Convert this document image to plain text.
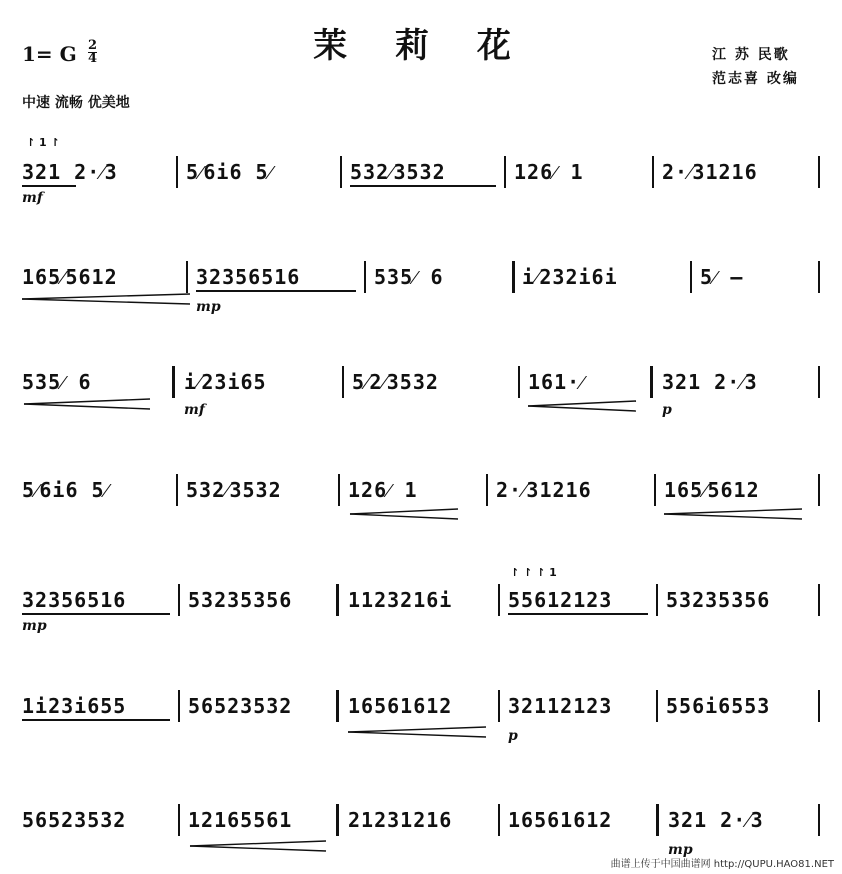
茉 莉 花
1= G 2
4
中速 流畅 优美地
江 苏 民歌
范志喜 改编
↾ 1 ↾
321 2·⁄3	5⁄6i6 5⁄	532⁄3532	126⁄ 1	2·⁄31216
mf
165⁄5612	32356516	535⁄ 6	i⁄232i6i	5⁄ —
mp
535⁄ 6	i⁄23i65	5⁄2⁄3532	161·⁄	321 2·⁄3
mf	p
5⁄6i6 5⁄	532⁄3532	126⁄ 1	2·⁄31216	165⁄5612
↾ ↾ ↾ 1
32356516	53235356	1123216i	55612123	53235356
mp
1i23i655	56523532	16561612	32112123	556i6553
p
56523532	12165561	21231216	16561612	321 2·⁄3
mp
曲谱上传于中国曲谱网 http://QUPU.HAO81.NET
